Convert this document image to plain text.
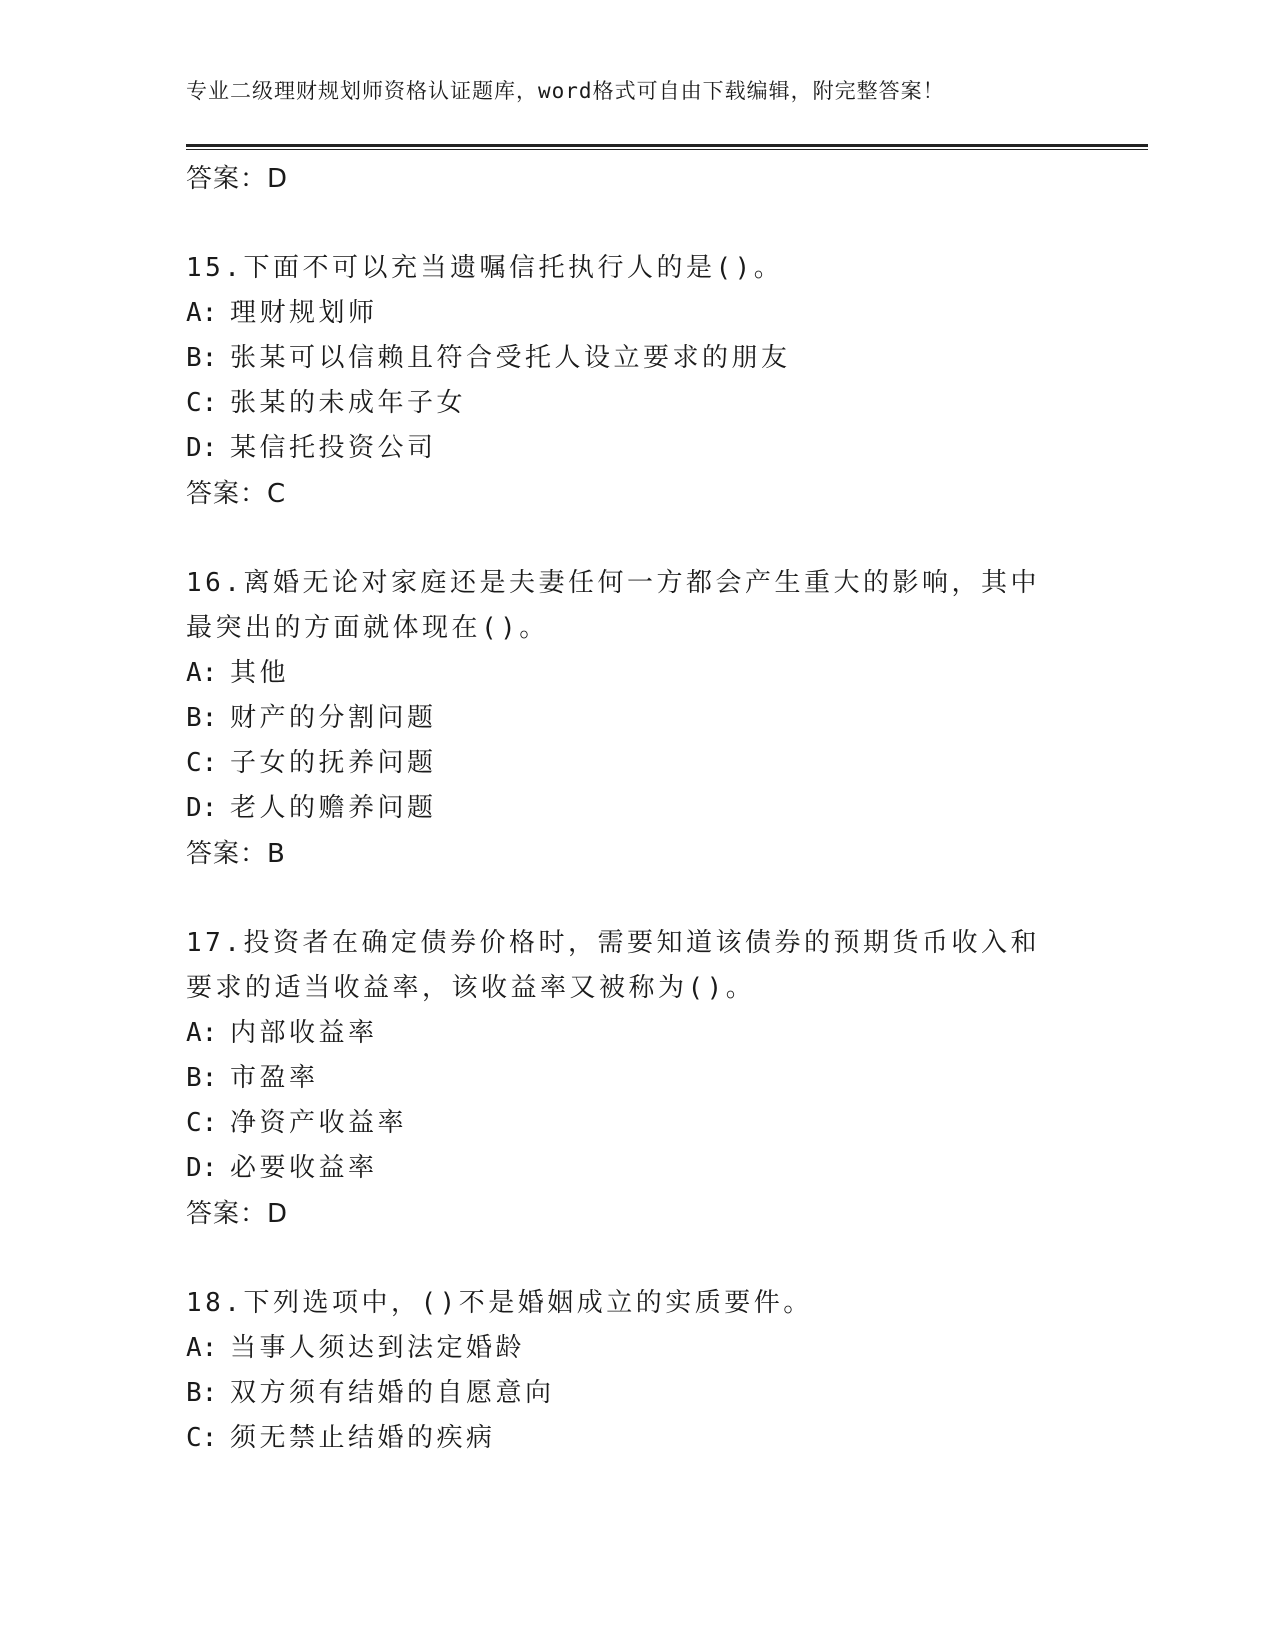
专业二级理财规划师资格认证题库，word格式可自由下载编辑，附完整答案！
答案：D
15.下面不可以充当遗嘱信托执行人的是()。
A: 理财规划师
B: 张某可以信赖且符合受托人设立要求的朋友
C: 张某的未成年子女
D: 某信托投资公司
答案：C
16.离婚无论对家庭还是夫妻任何一方都会产生重大的影响，其中最突出的方面就体现在()。
A: 其他
B: 财产的分割问题
C: 子女的抚养问题
D: 老人的赡养问题
答案：B
17.投资者在确定债券价格时，需要知道该债券的预期货币收入和要求的适当收益率，该收益率又被称为()。
A: 内部收益率
B: 市盈率
C: 净资产收益率
D: 必要收益率
答案：D
18.下列选项中，()不是婚姻成立的实质要件。
A: 当事人须达到法定婚龄
B: 双方须有结婚的自愿意向
C: 须无禁止结婚的疾病
